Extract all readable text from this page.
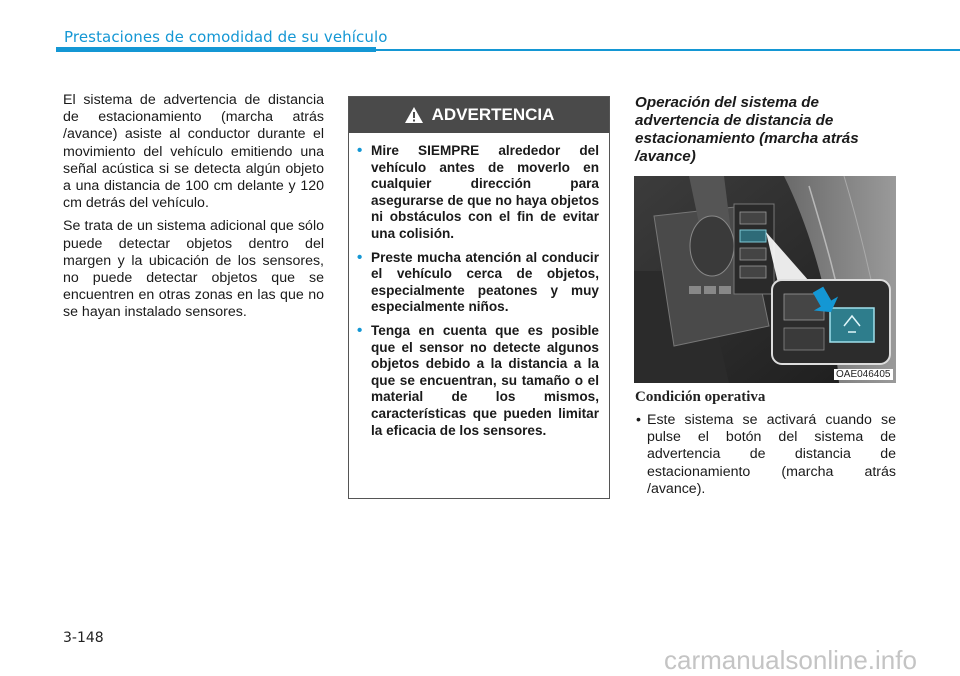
Prestaciones de comodidad de su vehículo

El sistema de advertencia de distancia de estacionamiento (marcha atrás /avance) asiste al conductor durante el movimiento del vehículo emitiendo una señal acústica si se detecta algún objeto a una distancia de 100 cm delante y 120 cm detrás del vehículo.

Se trata de un sistema adicional que sólo puede detectar objetos dentro del margen y la ubicación de los sensores, no puede detectar objetos que se encuentren en otras zonas en las que no se hayan instalado sensores.

ADVERTENCIA
• Mire SIEMPRE alrededor del vehículo antes de moverlo en cualquier dirección para asegurarse de que no haya objetos ni obstáculos con el fin de evitar una colisión.
• Preste mucha atención al conducir el vehículo cerca de objetos, especialmente peatones y muy especialmente niños.
• Tenga en cuenta que es posible que el sensor no detecte algunos objetos debido a la distancia a la que se encuentran, su tamaño o el material de los mismos, características que pueden limitar la eficacia de los sensores.
Operación del sistema de advertencia de distancia de estacionamiento (marcha atrás /avance)
OAE046405
Condición operativa
• Este sistema se activará cuando se pulse el botón del sistema de advertencia de distancia de estacionamiento (marcha atrás /avance).
3-148
carmanualsonline.info
